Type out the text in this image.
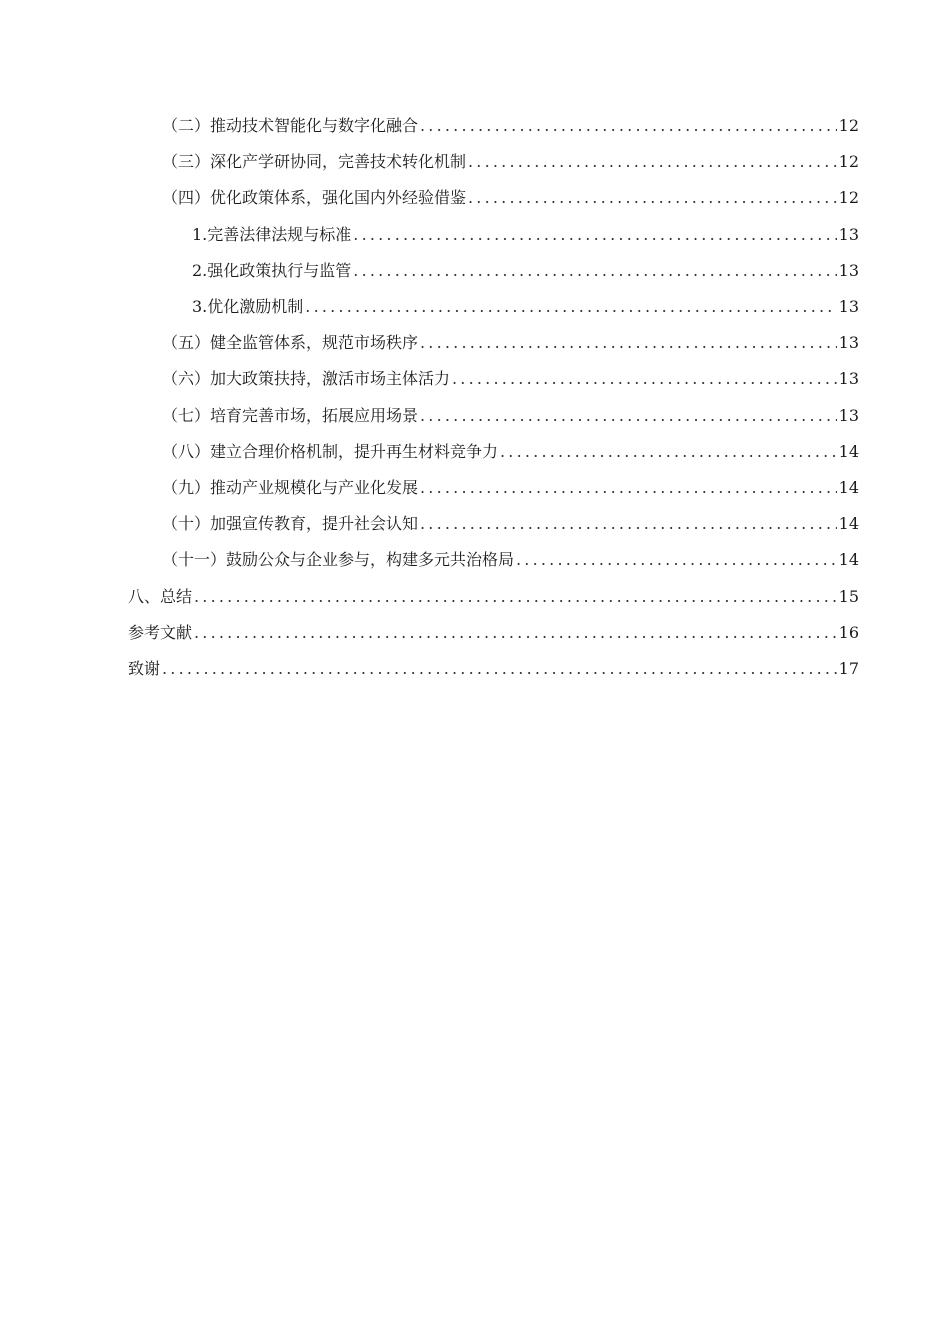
（二）推动技术智能化与数字化融合 .....	12
（三）深化产学研协同，完善技术转化机制 .....	12
（四）优化政策体系，强化国内外经验借鉴 .....	12
1.完善法律法规与标准 .....	13
2.强化政策执行与监管 .....	13
3.优化激励机制 .....	13
（五）健全监管体系，规范市场秩序 .....	13
（六）加大政策扶持，激活市场主体活力 .....	13
（七）培育完善市场，拓展应用场景 .....	13
（八）建立合理价格机制，提升再生材料竞争力 .....	14
（九）推动产业规模化与产业化发展 .....	14
（十）加强宣传教育，提升社会认知 .....	14
（十一）鼓励公众与企业参与，构建多元共治格局 .....	14
八、总结 .....	15
参考文献 .....	16
致谢 .....	17
